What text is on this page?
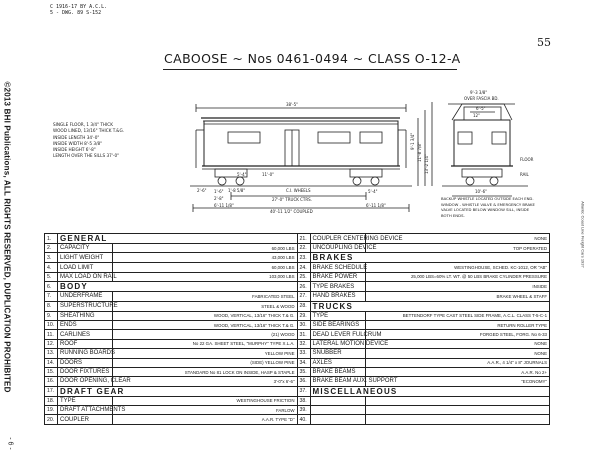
©2013 BHI Publications, ALL RIGHTS RESERVED, DUPLICATION PROHIBITED
- 6 -
Atlantic Coast Line Freight Cars 1937
C 1916-17 BY A.C.L.
5 - DWG. 89 S-152
CABOOSE ~ Nos 0461-0494 ~ CLASS O-12-A
55
SINGLE FLOOR, 1 3/4" THICK
WOOD LINED, 13/16" THICK T.&G.
INSIDE LENGTH 34'-0"
INSIDE WIDTH 8'-5 3/8"
INSIDE HEIGHT 6'-8"
LENGTH OVER THE SILLS 37'-0"
38'-5"
9'-3 3/8"
OVER FASCIA BD.
6'-5"
12"
9'-1 3/4"
11'-8 7/8"
13'-2 1/4"
2'-6" 1'-6" 1'-8 5/8"
2'-8"
5'-4"
5'-4"
11'-0"
6'-11 1/8"	6'-11 1/8"
C.I. WHEELS
27'-0" TRUCK CTRS.
40'-11 1/2" COUPLED
FLOOR
RAIL
10'-6"
BACKUP WHISTLE LOCATED OUTSIDE EACH END.
WINDOW - WHISTLE VALVE & EMERGENCY BRAKE
VALVE LOCATED BELOW WINDOW SILL, INSIDE
BOTH ENDS.
1.	GENERAL		21.	COUPLER CENTERING DEVICE	NONE
2.	CAPACITY	60,000 LBS	22.	UNCOUPLING DEVICE	TOP OPERATED
3.	LIGHT WEIGHT	43,000 LBS	23.	BRAKES	
4.	LOAD LIMIT	60,000 LBS	24.	BRAKE SCHEDULE	WESTINGHOUSE, SCHED. KC-1012, OR "AB"
5.	MAX LOAD ON RAIL	103,000 LBS	25.	BRAKE POWER	25,000 LBS=60% LT. WT. @ 50 LBS BRAKE CYLINDER PRESSURE
6.	BODY		26.	TYPE BRAKES	INSIDE
7.	UNDERFRAME	FABRICATED STEEL	27.	HAND BRAKES	BRAKE WHEEL & STAFF
8.	SUPERSTRUCTURE	STEEL & WOOD	28.	TRUCKS	
9.	SHEATHING	WOOD, VERTICAL, 13/16" THICK T.& G.	29.	TYPE	BETTENDORF TYPE CAST STEEL SIDE FRAME, A.C.L. CLASS T-5-C-1
10.	ENDS	WOOD, VERTICAL, 13/16" THICK T.& G.	30.	SIDE BEARINGS	RETURN ROLLER TYPE
11.	CARLINES	(21) WOOD	31.	DEAD LEVER FULCRUM	FORGED STEEL, FORG. No 6-33
12.	ROOF	No 22 GA. SHEET STEEL, "MURPHY" TYPE X.L.A.	32.	LATERAL MOTION DEVICE	NONE
13.	RUNNING BOARDS	YELLOW PINE	33.	SNUBBER	NONE
14.	DOORS	(SIDE) YELLOW PINE	34.	AXLES	A.A.R., 4 1/4" x 8" JOURNALS
15.	DOOR FIXTURES	STANDARD No 81 LOCK ON INSIDE, HASP & STAPLE	35.	BRAKE BEAMS	A.A.R. No 2+
16.	DOOR OPENING, CLEAR	3'-0"x 6'-6"	36.	BRAKE BEAM AUX. SUPPORT	"ECONOMY"
17.	DRAFT GEAR		37.	MISCELLANEOUS	
18.	TYPE	WESTINGHOUSE FRICTION	38.		
19.	DRAFT ATTACHMENTS	FARLOW	39.		
20.	COUPLER	A.A.R. TYPE "D"	40.		
